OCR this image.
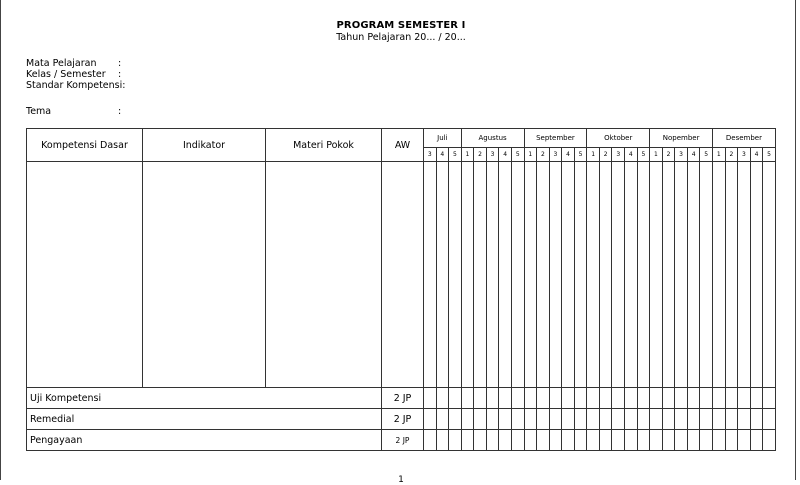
PROGRAM SEMESTER I
Tahun Pelajaran 20... / 20...
Mata Pelajaran :
Kelas / Semester :
Standar Kompetensi:
Tema	:
Kompetensi Dasar	Indikator	Materi Pokok	AW	Juli			Agustus					September					Oktober					Nopember					Desember				
				3	4	5	1	2	3	4	5	1	2	3	4	5	1	2	3	4	5	1	2	3	4	5	1	2	3	4	5

Uji Kompetensi			2 JP																												
Remedial			2 JP																												
Pengayaan			2 JP																												
1
